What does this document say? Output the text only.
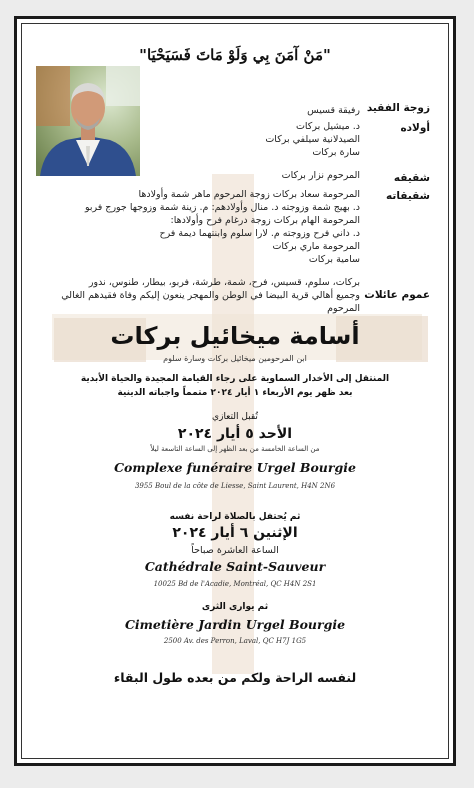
"مَنْ آمَنَ بِي وَلَوْ مَاتَ فَسَيَحْيَا"
زوجة الفقيد
أولاده
شقيقه
شقيقاته
عموم عائلات
رفيقة قسيس
د. ميشيل بركات
الصيدلانية سيلفي بركات
سارة بركات
المرحوم نزار بركات
المرحومة سعاد بركات زوجة المرحوم ماهر شمة وأولادها
د. بهيج شمة وزوجته د. منال وأولادهم: م. زينة شمة وزوجها جورج فربو
المرحومة الهام بركات زوجة درغام فرح وأولادها:
د. داني فرح وزوجته م. لارا سلوم وابنتهما ديمة فرح
المرحومة ماري بركات
سامية بركات
بركات، سلوم، قسيس، فرح، شمة، طرشة، فربو، بيطار، طنوس، ندور
وجميع أهالي قرية البيضا في الوطن والمهجر ينعون إليكم وفاة فقيدهم الغالي المرحوم
أسامة ميخائيل بركات
ابن المرحومين ميخائيل بركات وسارة سلوم
المنتقل إلى الأخدار السماوية على رجاء القيامة المجيدة والحياة الأبدية
بعد ظهر يوم الأربعاء ١ أيار ٢٠٢٤ متمماً واجباته الدينية
تُقبل التعازي
الأحد ٥ أيار ٢٠٢٤
من الساعة الخامسة من بعد الظهر إلى الساعة التاسعة ليلاً
Complexe funéraire Urgel Bourgie
3955 Boul de la côte de Liesse, Saint Laurent, H4N 2N6
ثم يُحتفل بالصلاة لراحة نفسه
الإثنين ٦ أيار ٢٠٢٤
الساعة العاشرة صباحاً
Cathédrale Saint-Sauveur
10025 Bd de l'Acadie, Montréal, QC H4N 2S1
ثم يوارى الثرى
Cimetière Jardin Urgel Bourgie
2500 Av. des Perron, Laval, QC H7J 1G5
لنفسه الراحة ولكم من بعده طول البقاء
